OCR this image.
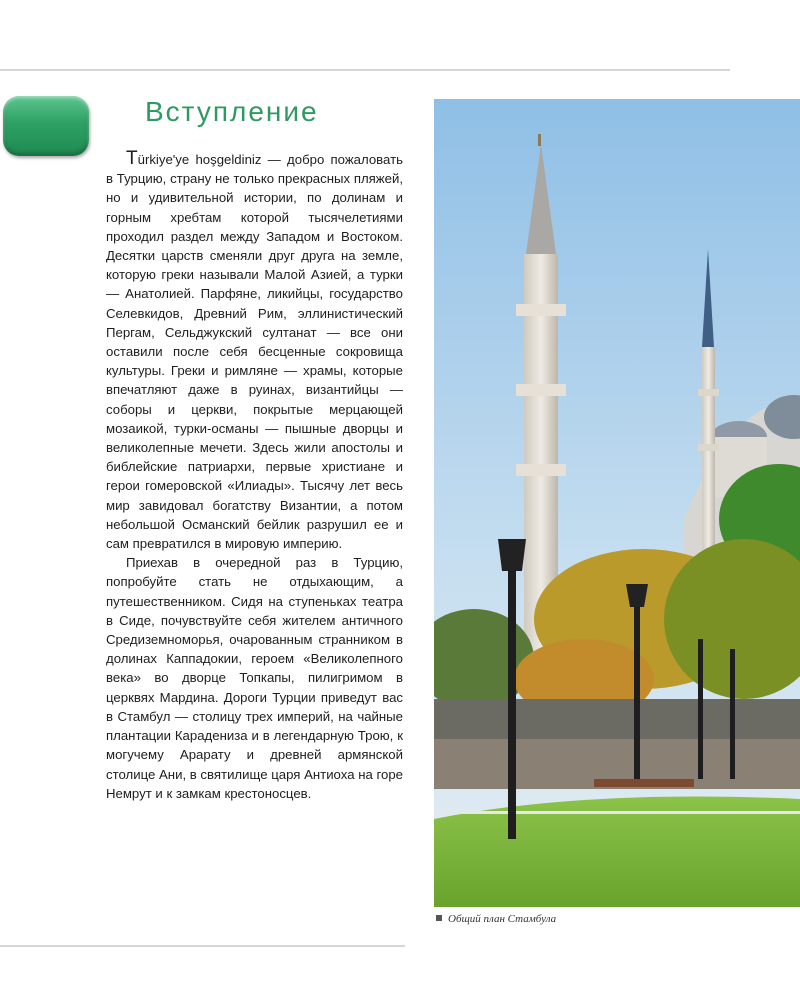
Вступление

Türkiye'ye hoşgeldiniz — добро пожаловать в Турцию, страну не только прекрасных пляжей, но и удивительной истории, по долинам и горным хребтам которой тысячелетиями проходил раздел между Западом и Востоком. Десятки царств сменяли друг друга на земле, которую греки называли Малой Азией, а турки — Анатолией. Парфяне, ликийцы, государство Селевкидов, Древний Рим, эллинистический Пергам, Сельджукский султанат — все они оставили после себя бесценные сокровища культуры. Греки и римляне — храмы, которые впечатляют даже в руинах, византийцы — соборы и церкви, покрытые мерцающей мозаикой, турки-османы — пышные дворцы и великолепные мечети. Здесь жили апостолы и библейские патриархи, первые христиане и герои гомеровской «Илиады». Тысячу лет весь мир завидовал богатству Византии, а потом небольшой Османский бейлик разрушил ее и сам превратился в мировую империю.

Приехав в очередной раз в Турцию, попробуйте стать не отдыхающим, а путешественником. Сидя на ступеньках театра в Сиде, почувствуйте себя жителем античного Средиземноморья, очарованным странником в долинах Каппадокии, героем «Великолепного века» во дворце Топкапы, пилигримом в церквях Мардина. Дороги Турции приведут вас в Стамбул — столицу трех империй, на чайные плантации Карадениза и в легендарную Трою, к могучему Арарату и древней армянской столице Ани, в святилище царя Антиоха на горе Немрут и к замкам крестоносцев.

Общий план Стамбула
